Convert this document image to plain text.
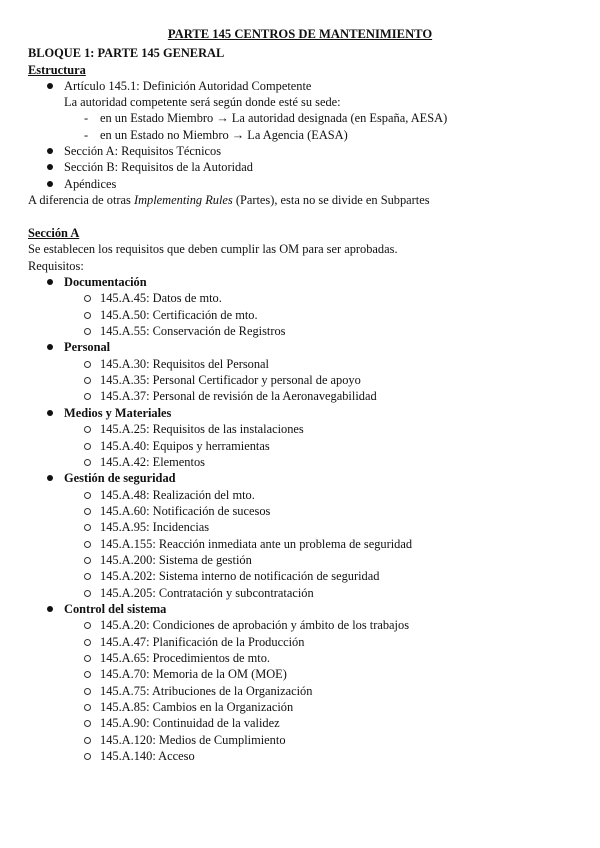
PARTE 145 CENTROS DE MANTENIMIENTO
BLOQUE 1: PARTE 145 GENERAL
Estructura
Artículo 145.1: Definición Autoridad Competente
La autoridad competente será según donde esté su sede:
- en un Estado Miembro → La autoridad designada (en España, AESA)
- en un Estado no Miembro → La Agencia (EASA)
Sección A: Requisitos Técnicos
Sección B: Requisitos de la Autoridad
Apéndices
A diferencia de otras Implementing Rules (Partes), esta no se divide en Subpartes
Sección A
Se establecen los requisitos que deben cumplir las OM para ser aprobadas.
Requisitos:
Documentación
145.A.45: Datos de mto.
145.A.50: Certificación de mto.
145.A.55: Conservación de Registros
Personal
145.A.30: Requisitos del Personal
145.A.35: Personal Certificador y personal de apoyo
145.A.37: Personal de revisión de la Aeronavegabilidad
Medios y Materiales
145.A.25: Requisitos de las instalaciones
145.A.40: Equipos y herramientas
145.A.42: Elementos
Gestión de seguridad
145.A.48: Realización del mto.
145.A.60: Notificación de sucesos
145.A.95: Incidencias
145.A.155: Reacción inmediata ante un problema de seguridad
145.A.200: Sistema de gestión
145.A.202: Sistema interno de notificación de seguridad
145.A.205: Contratación y subcontratación
Control del sistema
145.A.20: Condiciones de aprobación y ámbito de los trabajos
145.A.47: Planificación de la Producción
145.A.65: Procedimientos de mto.
145.A.70: Memoria de la OM (MOE)
145.A.75: Atribuciones de la Organización
145.A.85: Cambios en la Organización
145.A.90: Continuidad de la validez
145.A.120: Medios de Cumplimiento
145.A.140: Acceso
